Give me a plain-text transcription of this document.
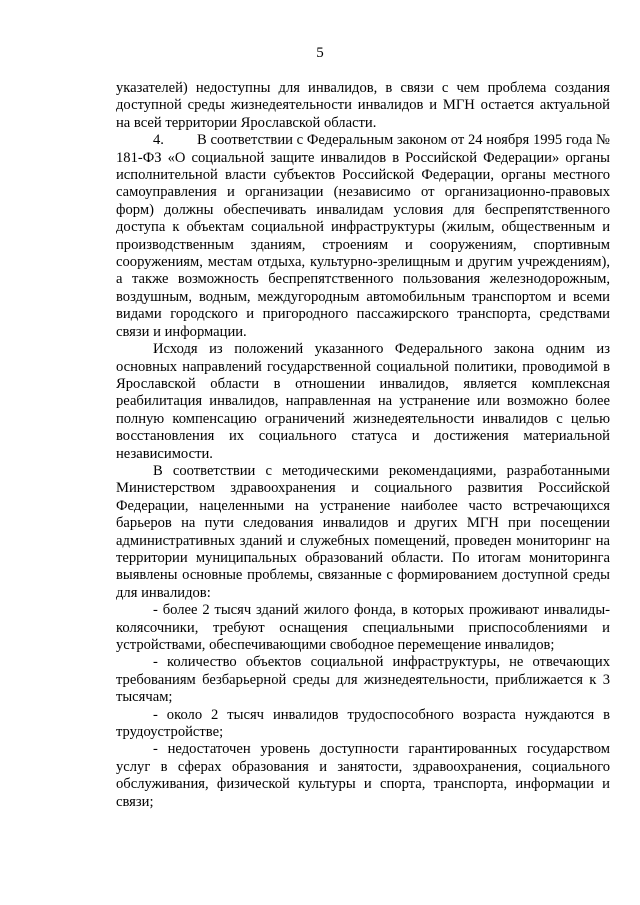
5

указателей) недоступны для инвалидов, в связи с чем проблема создания доступной среды жизнедеятельности инвалидов и МГН остается актуальной на всей территории Ярославской области.

4. В соответствии с Федеральным законом от 24 ноября 1995 года № 181-ФЗ «О социальной защите инвалидов в Российской Федерации» органы исполнительной власти субъектов Российской Федерации, органы местного самоуправления и организации (независимо от организационно-правовых форм) должны обеспечивать инвалидам условия для беспрепятственного доступа к объектам социальной инфраструктуры (жилым, общественным и производственным зданиям, строениям и сооружениям, спортивным сооружениям, местам отдыха, культурно-зрелищным и другим учреждениям), а также возможность беспрепятственного пользования железнодорожным, воздушным, водным, междугородным автомобильным транспортом и всеми видами городского и пригородного пассажирского транспорта, средствами связи и информации.

Исходя из положений указанного Федерального закона одним из основных направлений государственной социальной политики, проводимой в Ярославской области в отношении инвалидов, является комплексная реабилитация инвалидов, направленная на устранение или возможно более полную компенсацию ограничений жизнедеятельности инвалидов с целью восстановления их социального статуса и достижения материальной независимости.

В соответствии с методическими рекомендациями, разработанными Министерством здравоохранения и социального развития Российской Федерации, нацеленными на устранение наиболее часто встречающихся барьеров на пути следования инвалидов и других МГН при посещении административных зданий и служебных помещений, проведен мониторинг на территории муниципальных образований области. По итогам мониторинга выявлены основные проблемы, связанные с формированием доступной среды для инвалидов:

- более 2 тысяч зданий жилого фонда, в которых проживают инвалиды-колясочники, требуют оснащения специальными приспособлениями и устройствами, обеспечивающими свободное перемещение инвалидов;

- количество объектов социальной инфраструктуры, не отвечающих требованиям безбарьерной среды для жизнедеятельности, приближается к 3 тысячам;

- около 2 тысяч инвалидов трудоспособного возраста нуждаются в трудоустройстве;

- недостаточен уровень доступности гарантированных государством услуг в сферах образования и занятости, здравоохранения, социального обслуживания, физической культуры и спорта, транспорта, информации и связи;
